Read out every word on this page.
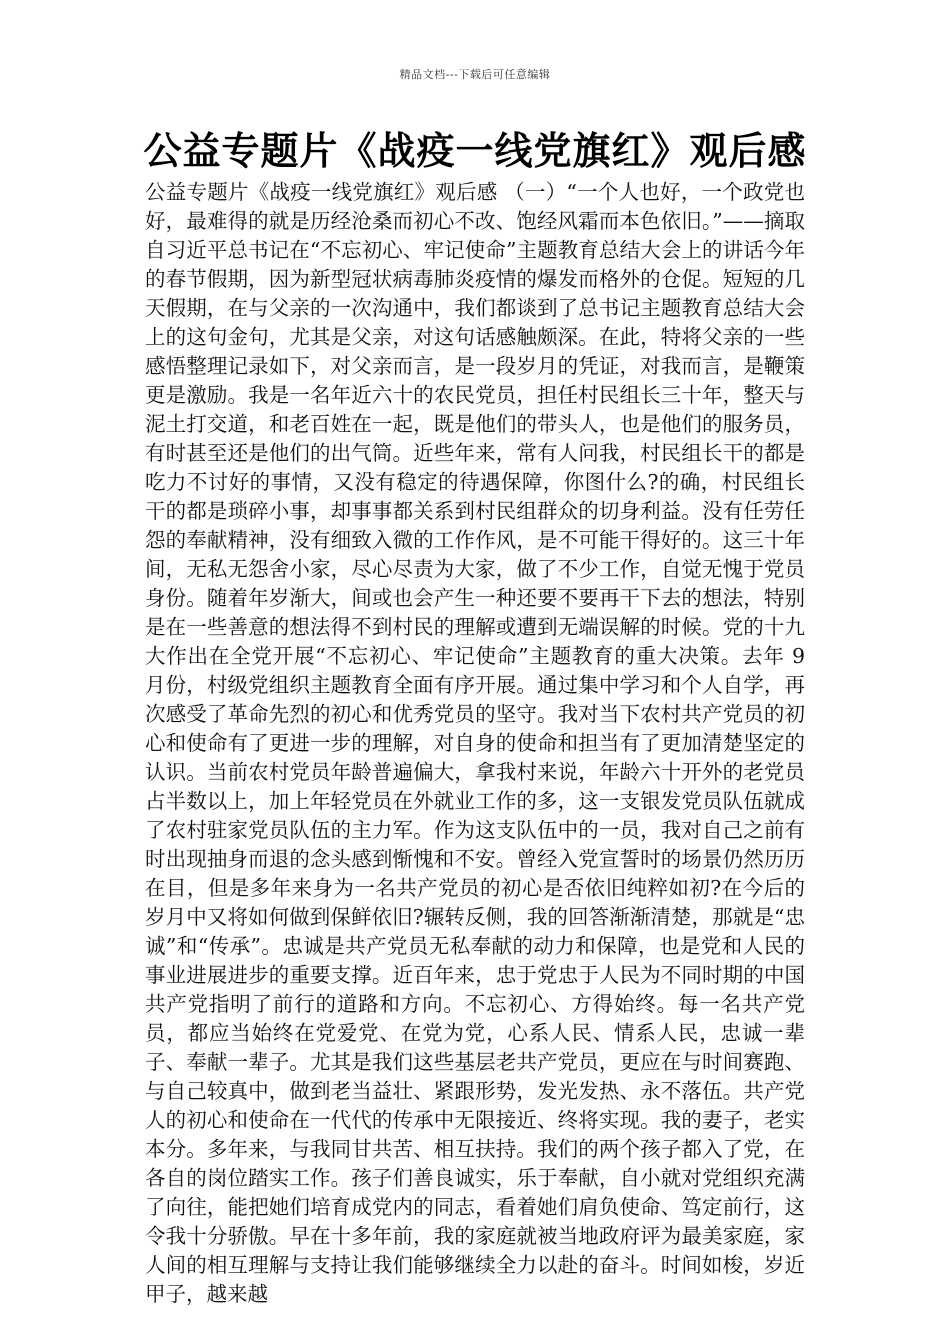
精品文档---下载后可任意编辑
公益专题片《战疫一线党旗红》观后感

公益专题片《战疫一线党旗红》观后感 （一）“一个人也好，一个政党也好，最难得的就是历经沧桑而初心不改、饱经风霜而本色依旧。”——摘取自习近平总书记在“不忘初心、牢记使命”主题教育总结大会上的讲话今年的春节假期，因为新型冠状病毒肺炎疫情的爆发而格外的仓促。短短的几天假期，在与父亲的一次沟通中，我们都谈到了总书记主题教育总结大会上的这句金句，尤其是父亲，对这句话感触颇深。在此，特将父亲的一些感悟整理记录如下，对父亲而言，是一段岁月的凭证，对我而言，是鞭策更是激励。我是一名年近六十的农民党员，担任村民组长三十年，整天与泥土打交道，和老百姓在一起，既是他们的带头人，也是他们的服务员，有时甚至还是他们的出气筒。近些年来，常有人问我，村民组长干的都是吃力不讨好的事情，又没有稳定的待遇保障，你图什么?的确，村民组长干的都是琐碎小事，却事事都关系到村民组群众的切身利益。没有任劳任怨的奉献精神，没有细致入微的工作作风，是不可能干得好的。这三十年间，无私无怨舍小家，尽心尽责为大家，做了不少工作，自觉无愧于党员身份。随着年岁渐大，间或也会产生一种还要不要再干下去的想法，特别是在一些善意的想法得不到村民的理解或遭到无端误解的时候。党的十九大作出在全党开展“不忘初心、牢记使命”主题教育的重大决策。去年 9 月份，村级党组织主题教育全面有序开展。通过集中学习和个人自学，再次感受了革命先烈的初心和优秀党员的坚守。我对当下农村共产党员的初心和使命有了更进一步的理解，对自身的使命和担当有了更加清楚坚定的认识。当前农村党员年龄普遍偏大，拿我村来说，年龄六十开外的老党员占半数以上，加上年轻党员在外就业工作的多，这一支银发党员队伍就成了农村驻家党员队伍的主力军。作为这支队伍中的一员，我对自己之前有时出现抽身而退的念头感到惭愧和不安。曾经入党宣誓时的场景仍然历历在目，但是多年来身为一名共产党员的初心是否依旧纯粹如初?在今后的岁月中又将如何做到保鲜依旧?辗转反侧，我的回答渐渐清楚，那就是“忠诚”和“传承”。忠诚是共产党员无私奉献的动力和保障，也是党和人民的事业进展进步的重要支撑。近百年来，忠于党忠于人民为不同时期的中国共产党指明了前行的道路和方向。不忘初心、方得始终。每一名共产党员，都应当始终在党爱党、在党为党，心系人民、情系人民，忠诚一辈子、奉献一辈子。尤其是我们这些基层老共产党员，更应在与时间赛跑、与自己较真中，做到老当益壮、紧跟形势，发光发热、永不落伍。共产党人的初心和使命在一代代的传承中无限接近、终将实现。我的妻子，老实本分。多年来，与我同甘共苦、相互扶持。我们的两个孩子都入了党，在各自的岗位踏实工作。孩子们善良诚实，乐于奉献，自小就对党组织充满了向往，能把她们培育成党内的同志，看着她们肩负使命、笃定前行，这令我十分骄傲。早在十多年前，我的家庭就被当地政府评为最美家庭，家人间的相互理解与支持让我们能够继续全力以赴的奋斗。时间如梭，岁近甲子，越来越
